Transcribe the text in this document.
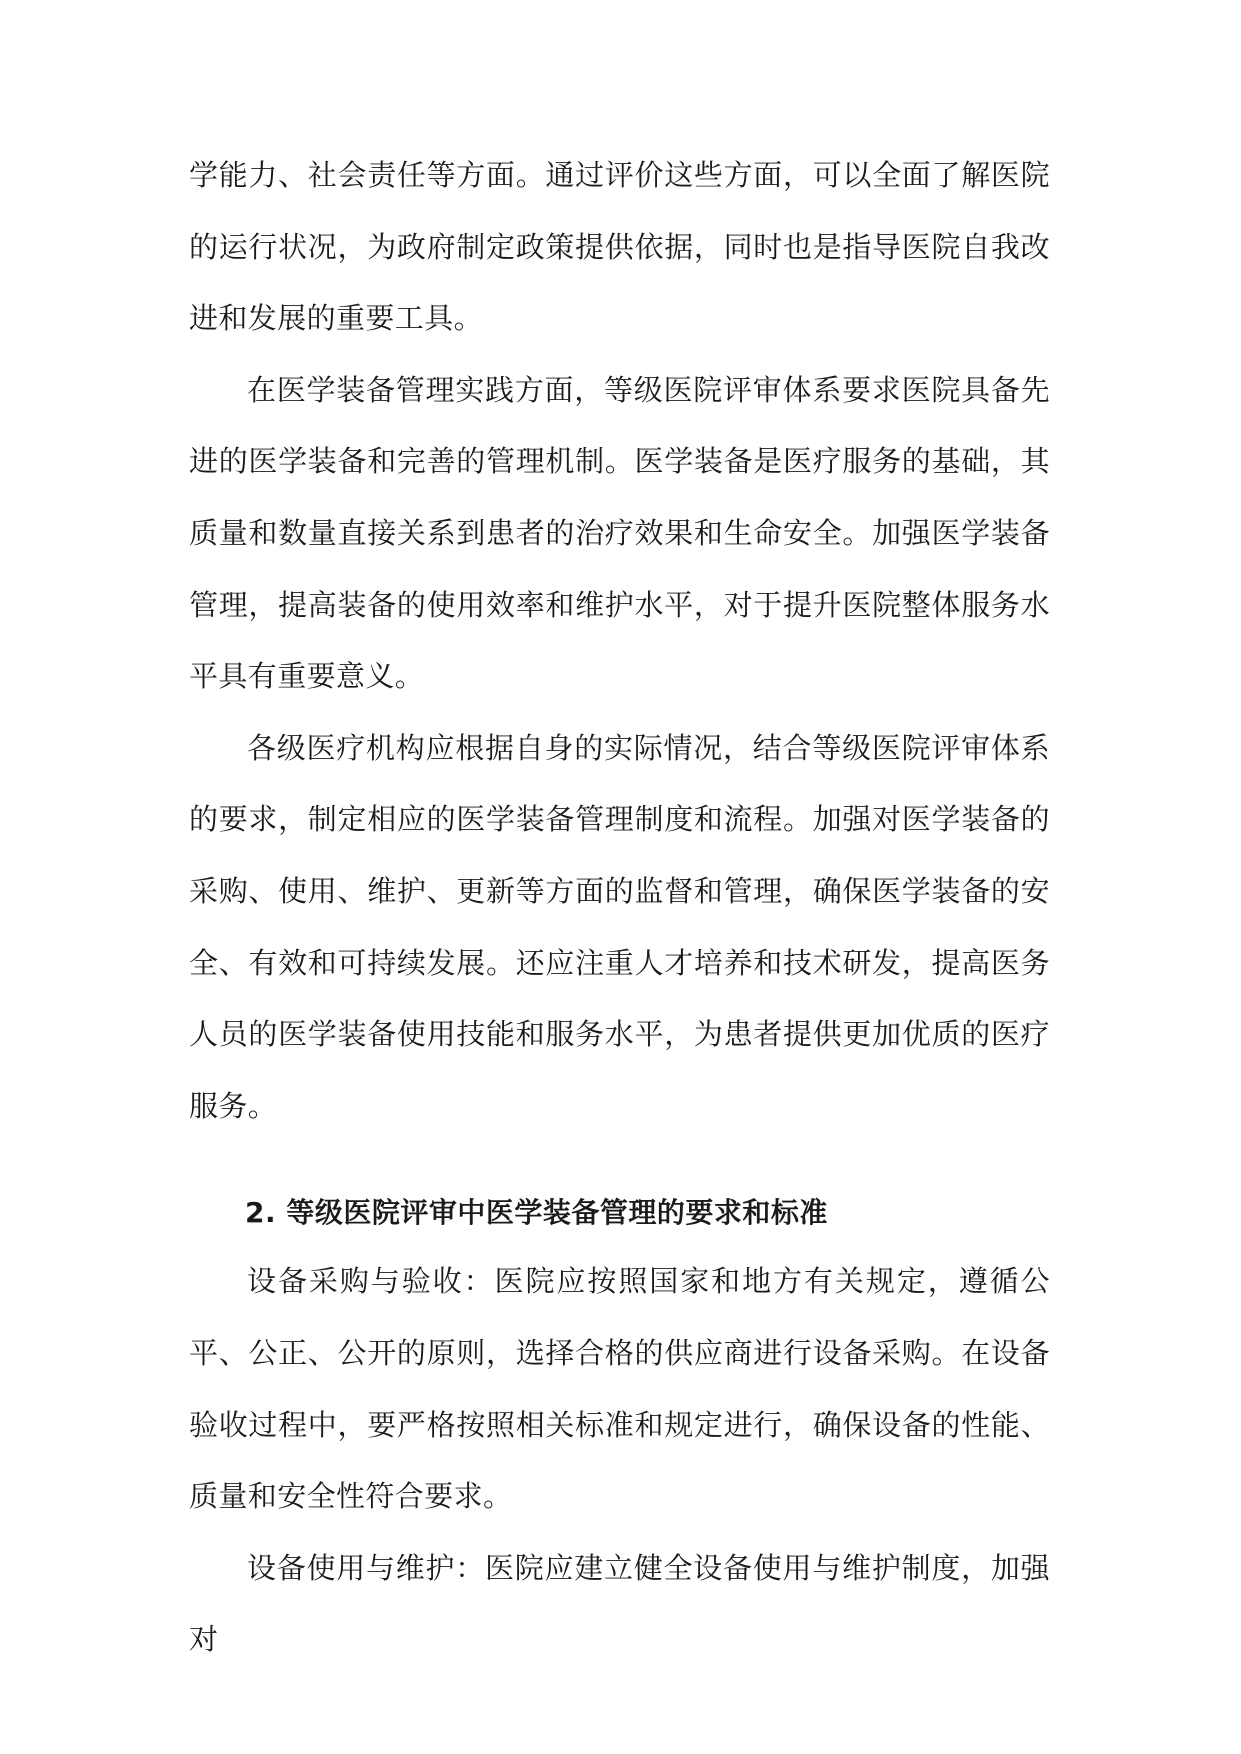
学能力、社会责任等方面。通过评价这些方面，可以全面了解医院的运行状况，为政府制定政策提供依据，同时也是指导医院自我改进和发展的重要工具。

在医学装备管理实践方面，等级医院评审体系要求医院具备先进的医学装备和完善的管理机制。医学装备是医疗服务的基础，其质量和数量直接关系到患者的治疗效果和生命安全。加强医学装备管理，提高装备的使用效率和维护水平，对于提升医院整体服务水平具有重要意义。

各级医疗机构应根据自身的实际情况，结合等级医院评审体系的要求，制定相应的医学装备管理制度和流程。加强对医学装备的采购、使用、维护、更新等方面的监督和管理，确保医学装备的安全、有效和可持续发展。还应注重人才培养和技术研发，提高医务人员的医学装备使用技能和服务水平，为患者提供更加优质的医疗服务。

2. 等级医院评审中医学装备管理的要求和标准

设备采购与验收：医院应按照国家和地方有关规定，遵循公平、公正、公开的原则，选择合格的供应商进行设备采购。在设备验收过程中，要严格按照相关标准和规定进行，确保设备的性能、质量和安全性符合要求。

设备使用与维护：医院应建立健全设备使用与维护制度，加强对
